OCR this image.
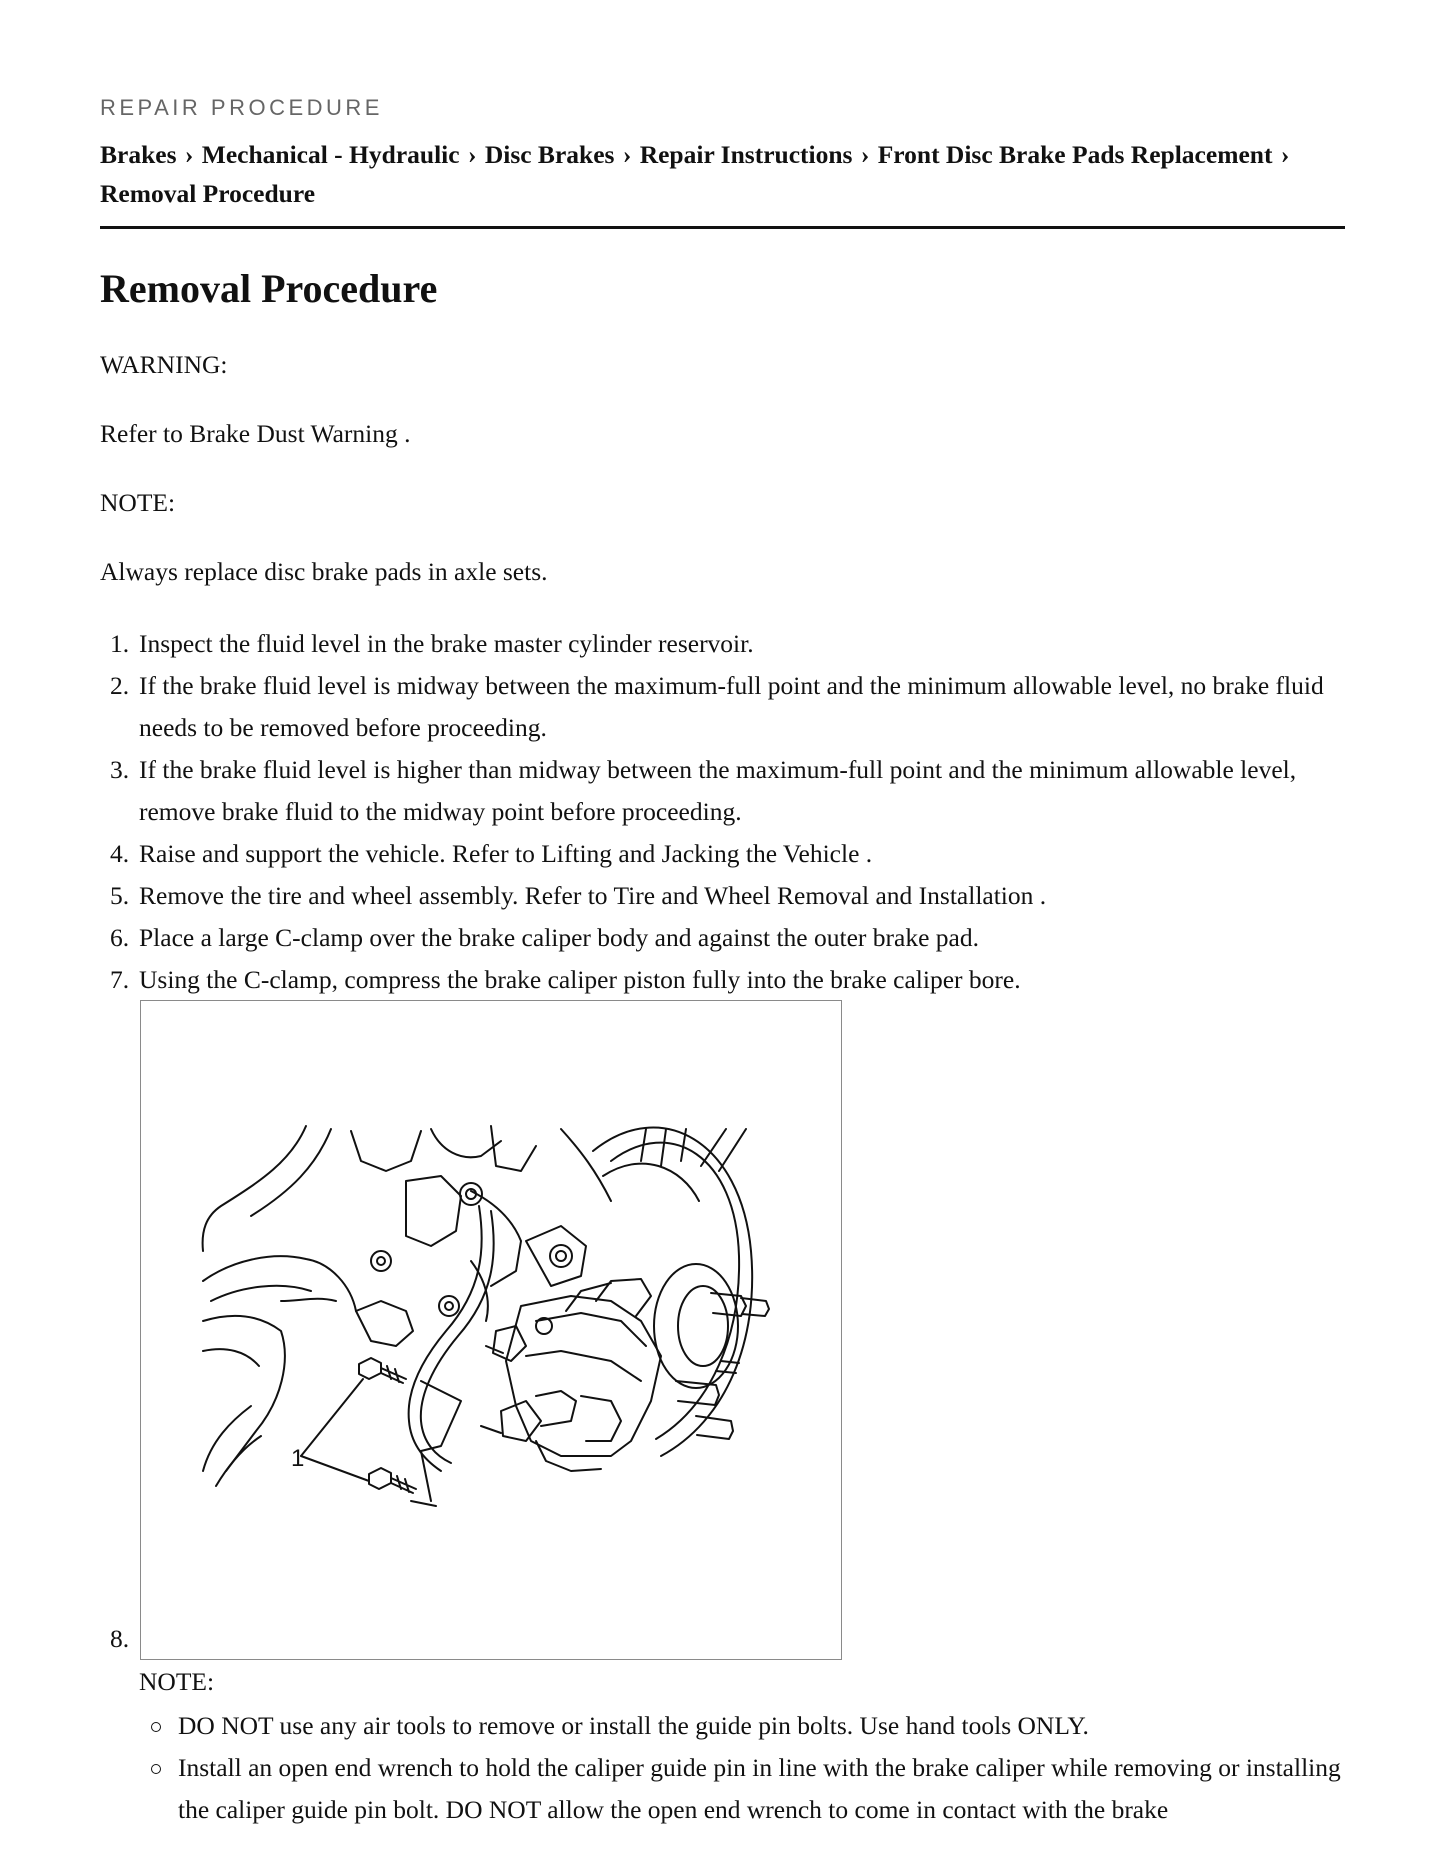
REPAIR PROCEDURE
Brakes › Mechanical - Hydraulic › Disc Brakes › Repair Instructions › Front Disc Brake Pads Replacement ›
Removal Procedure
Removal Procedure
WARNING:
Refer to Brake Dust Warning .
NOTE:
Always replace disc brake pads in axle sets.
1. Inspect the fluid level in the brake master cylinder reservoir.
2. If the brake fluid level is midway between the maximum-full point and the minimum allowable level, no brake fluid needs to be removed before proceeding.
3. If the brake fluid level is higher than midway between the maximum-full point and the minimum allowable level, remove brake fluid to the midway point before proceeding.
4. Raise and support the vehicle. Refer to Lifting and Jacking the Vehicle .
5. Remove the tire and wheel assembly. Refer to Tire and Wheel Removal and Installation .
6. Place a large C-clamp over the brake caliper body and against the outer brake pad.
7. Using the C-clamp, compress the brake caliper piston fully into the brake caliper bore.
8.
1
NOTE:
DO NOT use any air tools to remove or install the guide pin bolts. Use hand tools ONLY.
Install an open end wrench to hold the caliper guide pin in line with the brake caliper while removing or installing the caliper guide pin bolt. DO NOT allow the open end wrench to come in contact with the brake
